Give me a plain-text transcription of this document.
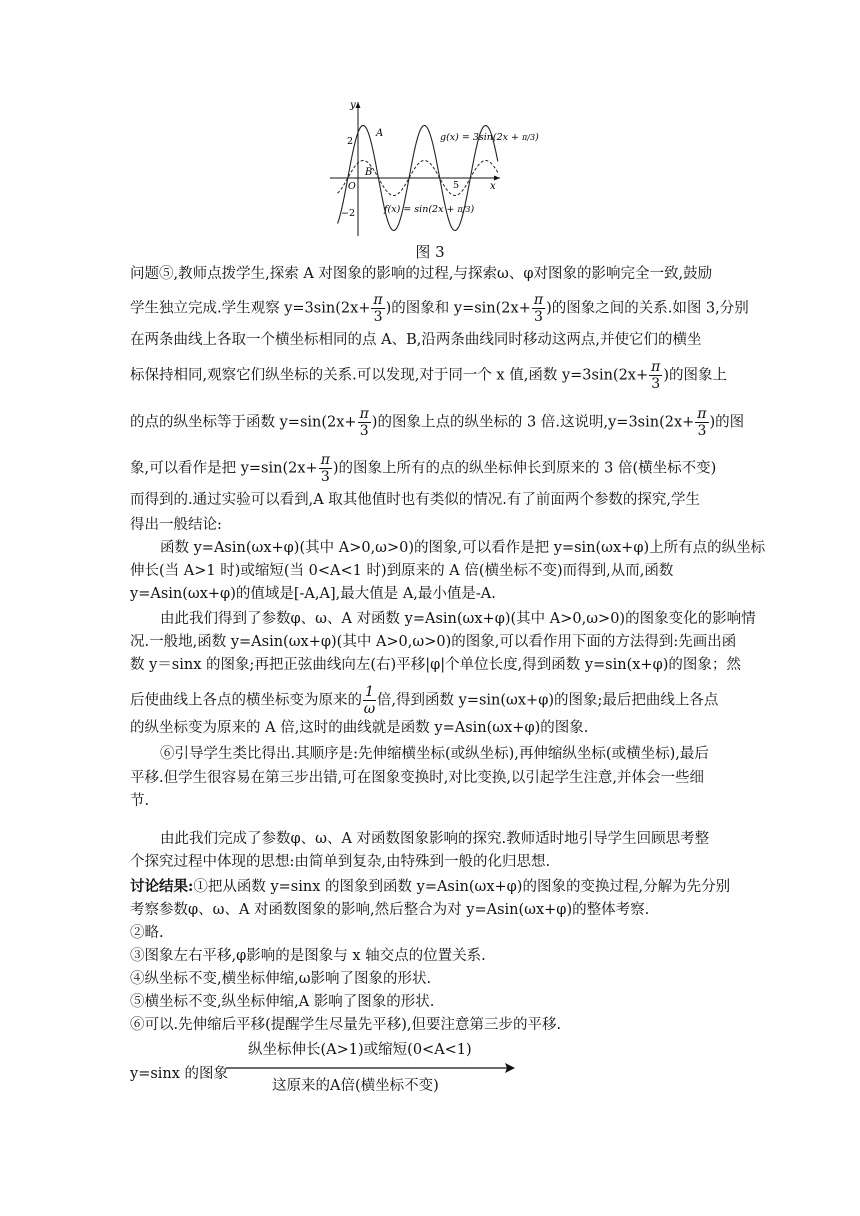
y
x
2
−2
5
O
A
B
g(x) = 3sin(2x + π/3)
f(x) = sin(2x + π/3)
图 3
问题⑤,教师点拨学生,探索 A 对图象的影响的过程,与探索ω、φ对图象的影响完全一致,鼓励
学生独立完成.学生观察 $y=3\sin(2x+ \frac{\pi}{3}$ )的图象和 $y=\sin(2x+ \frac{\pi}{3}$ )的图象之间的关系.如图 3,分别
在两条曲线上各取一个横坐标相同的点 A、B,沿两条曲线同时移动这两点,并使它们的横坐
标保持相同,观察它们纵坐标的关系.可以发现,对于同一个 x 值,函数 $y=3\sin(2x+ \frac{\pi}{3}$ )的图象上
的点的纵坐标等于函数 $y=\sin(2x+ \frac{\pi}{3}$ )的图象上点的纵坐标的 3 倍.这说明$,y=3\sin(2x+ \frac{\pi}{3}$ )的图
象,可以看作是把 $y=\sin(2x+ \frac{\pi}{3}$ )的图象上所有的点的纵坐标伸长到原来的 3 倍(横坐标不变)
而得到的.通过实验可以看到,A 取其他值时也有类似的情况.有了前面两个参数的探究,学生
得出一般结论:
函数 y=Asin(ωx+φ)(其中 A>0,ω>0)的图象,可以看作是把 y=sin(ωx+φ)上所有点的纵坐标
伸长(当 A>1 时)或缩短(当 0<A<1 时)到原来的 A 倍(横坐标不变)而得到,从而,函数
y=Asin(ωx+φ)的值域是[-A,A],最大值是 A,最小值是-A.
由此我们得到了参数φ、ω、A 对函数 y=Asin(ωx+φ)(其中 A>0,ω>0)的图象变化的影响情
况.一般地,函数 y=Asin(ωx+φ)(其中 A>0,ω>0)的图象,可以看作用下面的方法得到:先画出函
数 y＝sinx 的图象;再把正弦曲线向左(右)平移|φ|个单位长度,得到函数 y=sin(x+φ)的图象；然
后使曲线上各点的横坐标变为原来的 $\frac{1}{\omega}$ 倍,得到函数 y=sin(ωx+φ)的图象;最后把曲线上各点
的纵坐标变为原来的 A 倍,这时的曲线就是函数 y=Asin(ωx+φ)的图象.
⑥引导学生类比得出.其顺序是:先伸缩横坐标(或纵坐标),再伸缩纵坐标(或横坐标),最后
平移.但学生很容易在第三步出错,可在图象变换时,对比变换,以引起学生注意,并体会一些细
节.
由此我们完成了参数φ、ω、A 对函数图象影响的探究.教师适时地引导学生回顾思考整
个探究过程中体现的思想:由简单到复杂,由特殊到一般的化归思想.
讨论结果:①把从函数 y=sinx 的图象到函数 y=Asin(ωx+φ)的图象的变换过程,分解为先分别
考察参数φ、ω、A 对函数图象的影响,然后整合为对 y=Asin(ωx+φ)的整体考察.
②略.
③图象左右平移,φ影响的是图象与 x 轴交点的位置关系.
④纵坐标不变,横坐标伸缩,ω影响了图象的形状.
⑤横坐标不变,纵坐标伸缩,A 影响了图象的形状.
⑥可以.先伸缩后平移(提醒学生尽量先平移),但要注意第三步的平移.
纵坐标伸长(A>1)或缩短(0<A<1)
y=sinx 的图象
这原来的A倍(横坐标不变)
